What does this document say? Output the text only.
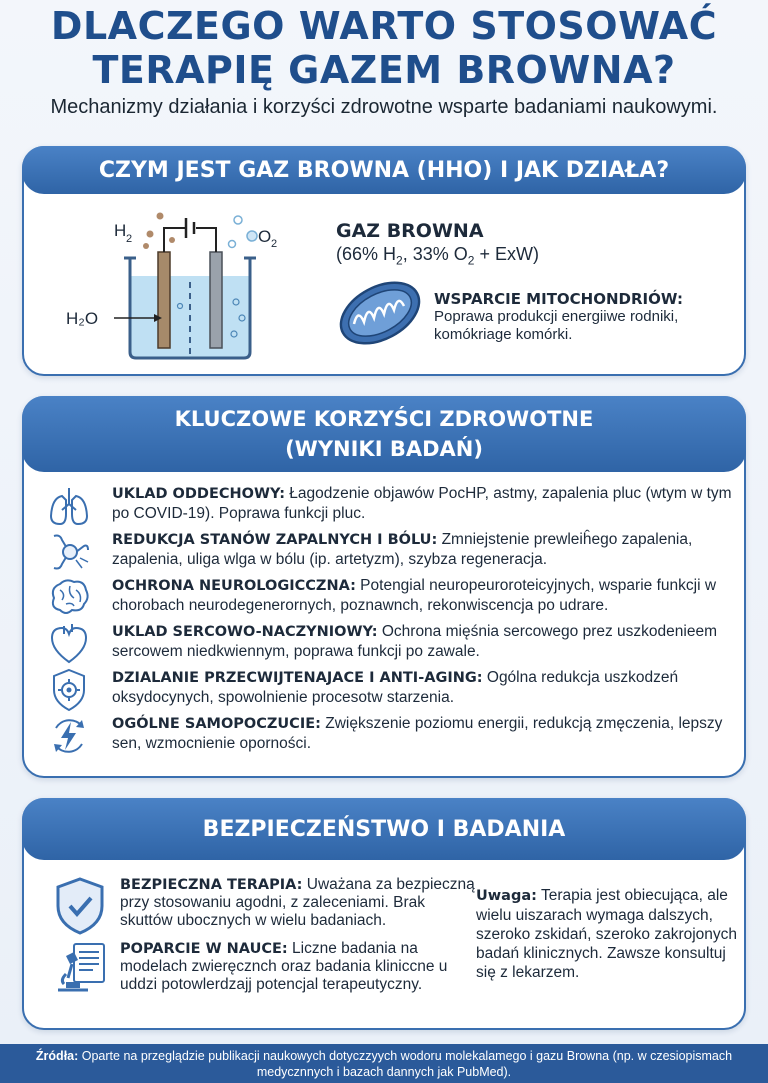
DLACZEGO WARTO STOSOWAĆ
TERAPIĘ GAZEM BROWNA?
Mechanizmy działania i korzyści zdrowotne wsparte badaniami naukowymi.
CZYM JEST GAZ BROWNA (HHO) I JAK DZIAŁA?
H 2	O 2
H₂O
GAZ BROWNA
(66% $H_2$, 33% $O_2 + ExW$)
WSPARCIE MITOCHONDRIÓW:
Poprawa produkcji energiiwe rodniki, komókriage komórki.
KLUCZOWE KORZYŚCI ZDROWOTNE
(WYNIKI BADAŃ)
UKLAD ODDECHOWY: Łagodzenie objawów PocHP, astmy, zapalenia pluc (wtym w tym po COVID-19). Poprawa funkcji pluc.
REDUKCJA STANÓW ZAPALNYCH I BÓLU: Zmniejstenie prewleiĥego zapalenia, zapalenia, uliga wlga w bólu (ip. artetyzm), szybza regeneracja.
OCHRONA NEUROLOGICCZNA: Potengial neuropeuroroteicyjnych, wsparie funkcji w chorobach neurodegenerornych, poznawnch, rekonwiscencja po udrare.
UKLAD SERCOWO-NACZYNIOWY: Ochrona mięśnia sercowego prez uszkodenieem sercowem niedkwiennym, poprawa funkcji po zawale.
DZIALANIE PRZECWIJTENAJACE I ANTI-AGING: Ogólna redukcja uszkodzeń oksydocynych, spowolnienie procesotw starzenia.
OGÓLNE SAMOPOCZUCIE: Zwiększenie poziomu energii, redukcją zmęczenia, lepszy sen, wzmocnienie oporności.
BEZPIECZEŃSTWO I BADANIA
BEZPIECZNA TERAPIA: Uważana za bezpieczną przy stosowaniu agodni, z zaleceniami. Brak skuttów ubocznych w wielu badaniach.
POPARCIE W NAUCE: Liczne badania na modelach zwieręcznch oraz badania kliniccne u uddzi potowlerdzajj potencjal terapeutyczny.
Uwaga: Terapia jest obiecująca, ale wielu uiszarach wymaga dalszych, szeroko zskidań, szeroko zakrojonych badań klinicznych. Zawsze konsultuj się z lekarzem.
Źródła: Oparte na przeglądzie publikacji naukowych dotyczzyych wodoru molekalamego i gazu Browna (np. w czesiopismach medycznnych i bazach dannych jak PubMed).
